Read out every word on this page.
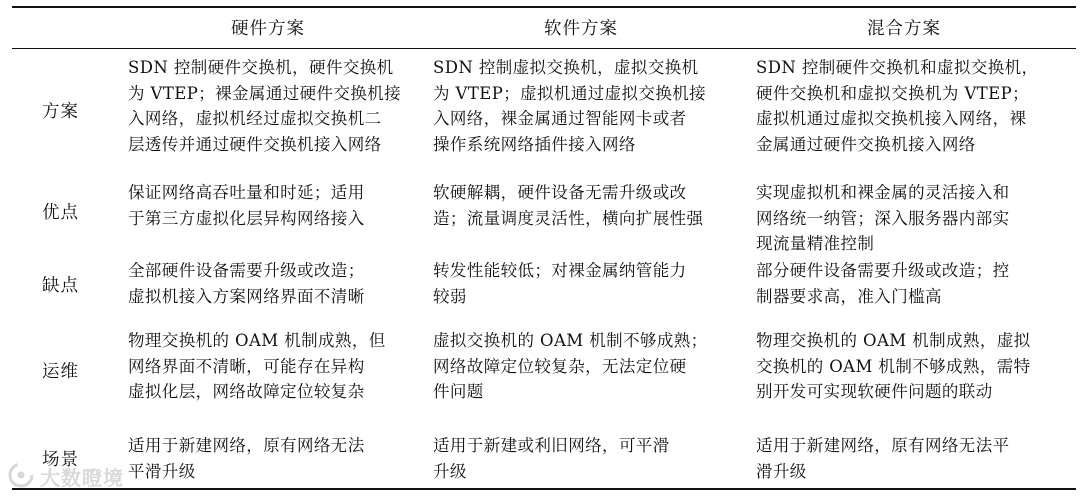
硬件方案	软件方案	混合方案
方案
SDN 控制硬件交换机，硬件交换机
为 VTEP；裸金属通过硬件交换机接
入网络，虚拟机经过虚拟交换机二
层透传并通过硬件交换机接入网络
SDN 控制虚拟交换机，虚拟交换机
为 VTEP；虚拟机通过虚拟交换机接
入网络，裸金属通过智能网卡或者
操作系统网络插件接入网络
SDN 控制硬件交换机和虚拟交换机，
硬件交换机和虚拟交换机为 VTEP；
虚拟机通过虚拟交换机接入网络，裸
金属通过硬件交换机接入网络
优点
保证网络高吞吐量和时延；适用
于第三方虚拟化层异构网络接入
软硬解耦，硬件设备无需升级或改
造；流量调度灵活性，横向扩展性强
实现虚拟机和裸金属的灵活接入和
网络统一纳管；深入服务器内部实
现流量精准控制
缺点
全部硬件设备需要升级或改造；
虚拟机接入方案网络界面不清晰
转发性能较低；对裸金属纳管能力
较弱
部分硬件设备需要升级或改造；控
制器要求高，准入门槛高
运维
物理交换机的 OAM 机制成熟，但
网络界面不清晰，可能存在异构
虚拟化层，网络故障定位较复杂
虚拟交换机的 OAM 机制不够成熟；
网络故障定位较复杂，无法定位硬
件问题
物理交换机的 OAM 机制成熟，虚拟
交换机的 OAM 机制不够成熟，需特
别开发可实现软硬件问题的联动
场景
适用于新建网络，原有网络无法
平滑升级
适用于新建或利旧网络，可平滑
升级
适用于新建网络，原有网络无法平
滑升级
大数瞪境
